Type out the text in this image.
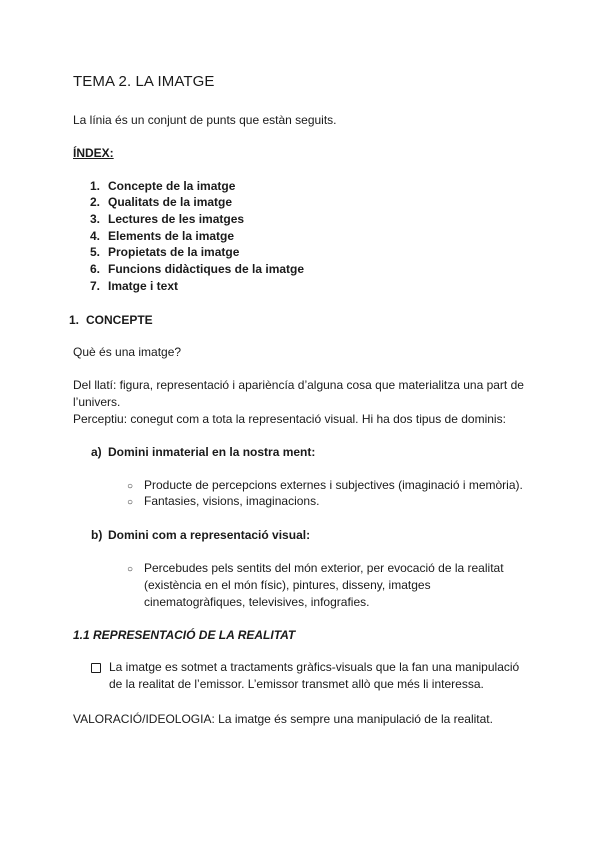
TEMA 2. LA IMATGE
La línia és un conjunt de punts que estàn seguits.
ÍNDEX:
1. Concepte de la imatge
2. Qualitats de la imatge
3. Lectures de les imatges
4. Elements de la imatge
5. Propietats de la imatge
6. Funcions didàctiques de la imatge
7. Imatge i text
1. CONCEPTE
Què és una imatge?
Del llatí: figura, representació i aparièncía d’alguna cosa que materialitza una part de
l’univers.
Perceptiu: conegut com a tota la representació visual. Hi ha dos tipus de dominis:
a) Domini inmaterial en la nostra ment:
○ Producte de percepcions externes i subjectives (imaginació i memòria).
○ Fantasies, visions, imaginacions.
b) Domini com a representació visual:
○ Percebudes pels sentits del món exterior, per evocació de la realitat
(existència en el món físic), pintures, disseny, imatges
cinematogràfiques, televisives, infografies.
1.1 REPRESENTACIÓ DE LA REALITAT
La imatge es sotmet a tractaments gràfics-visuals que la fan una manipulació
de la realitat de l’emissor. L’emissor transmet allò que més li interessa.
VALORACIÓ/IDEOLOGIA: La imatge és sempre una manipulació de la realitat.
